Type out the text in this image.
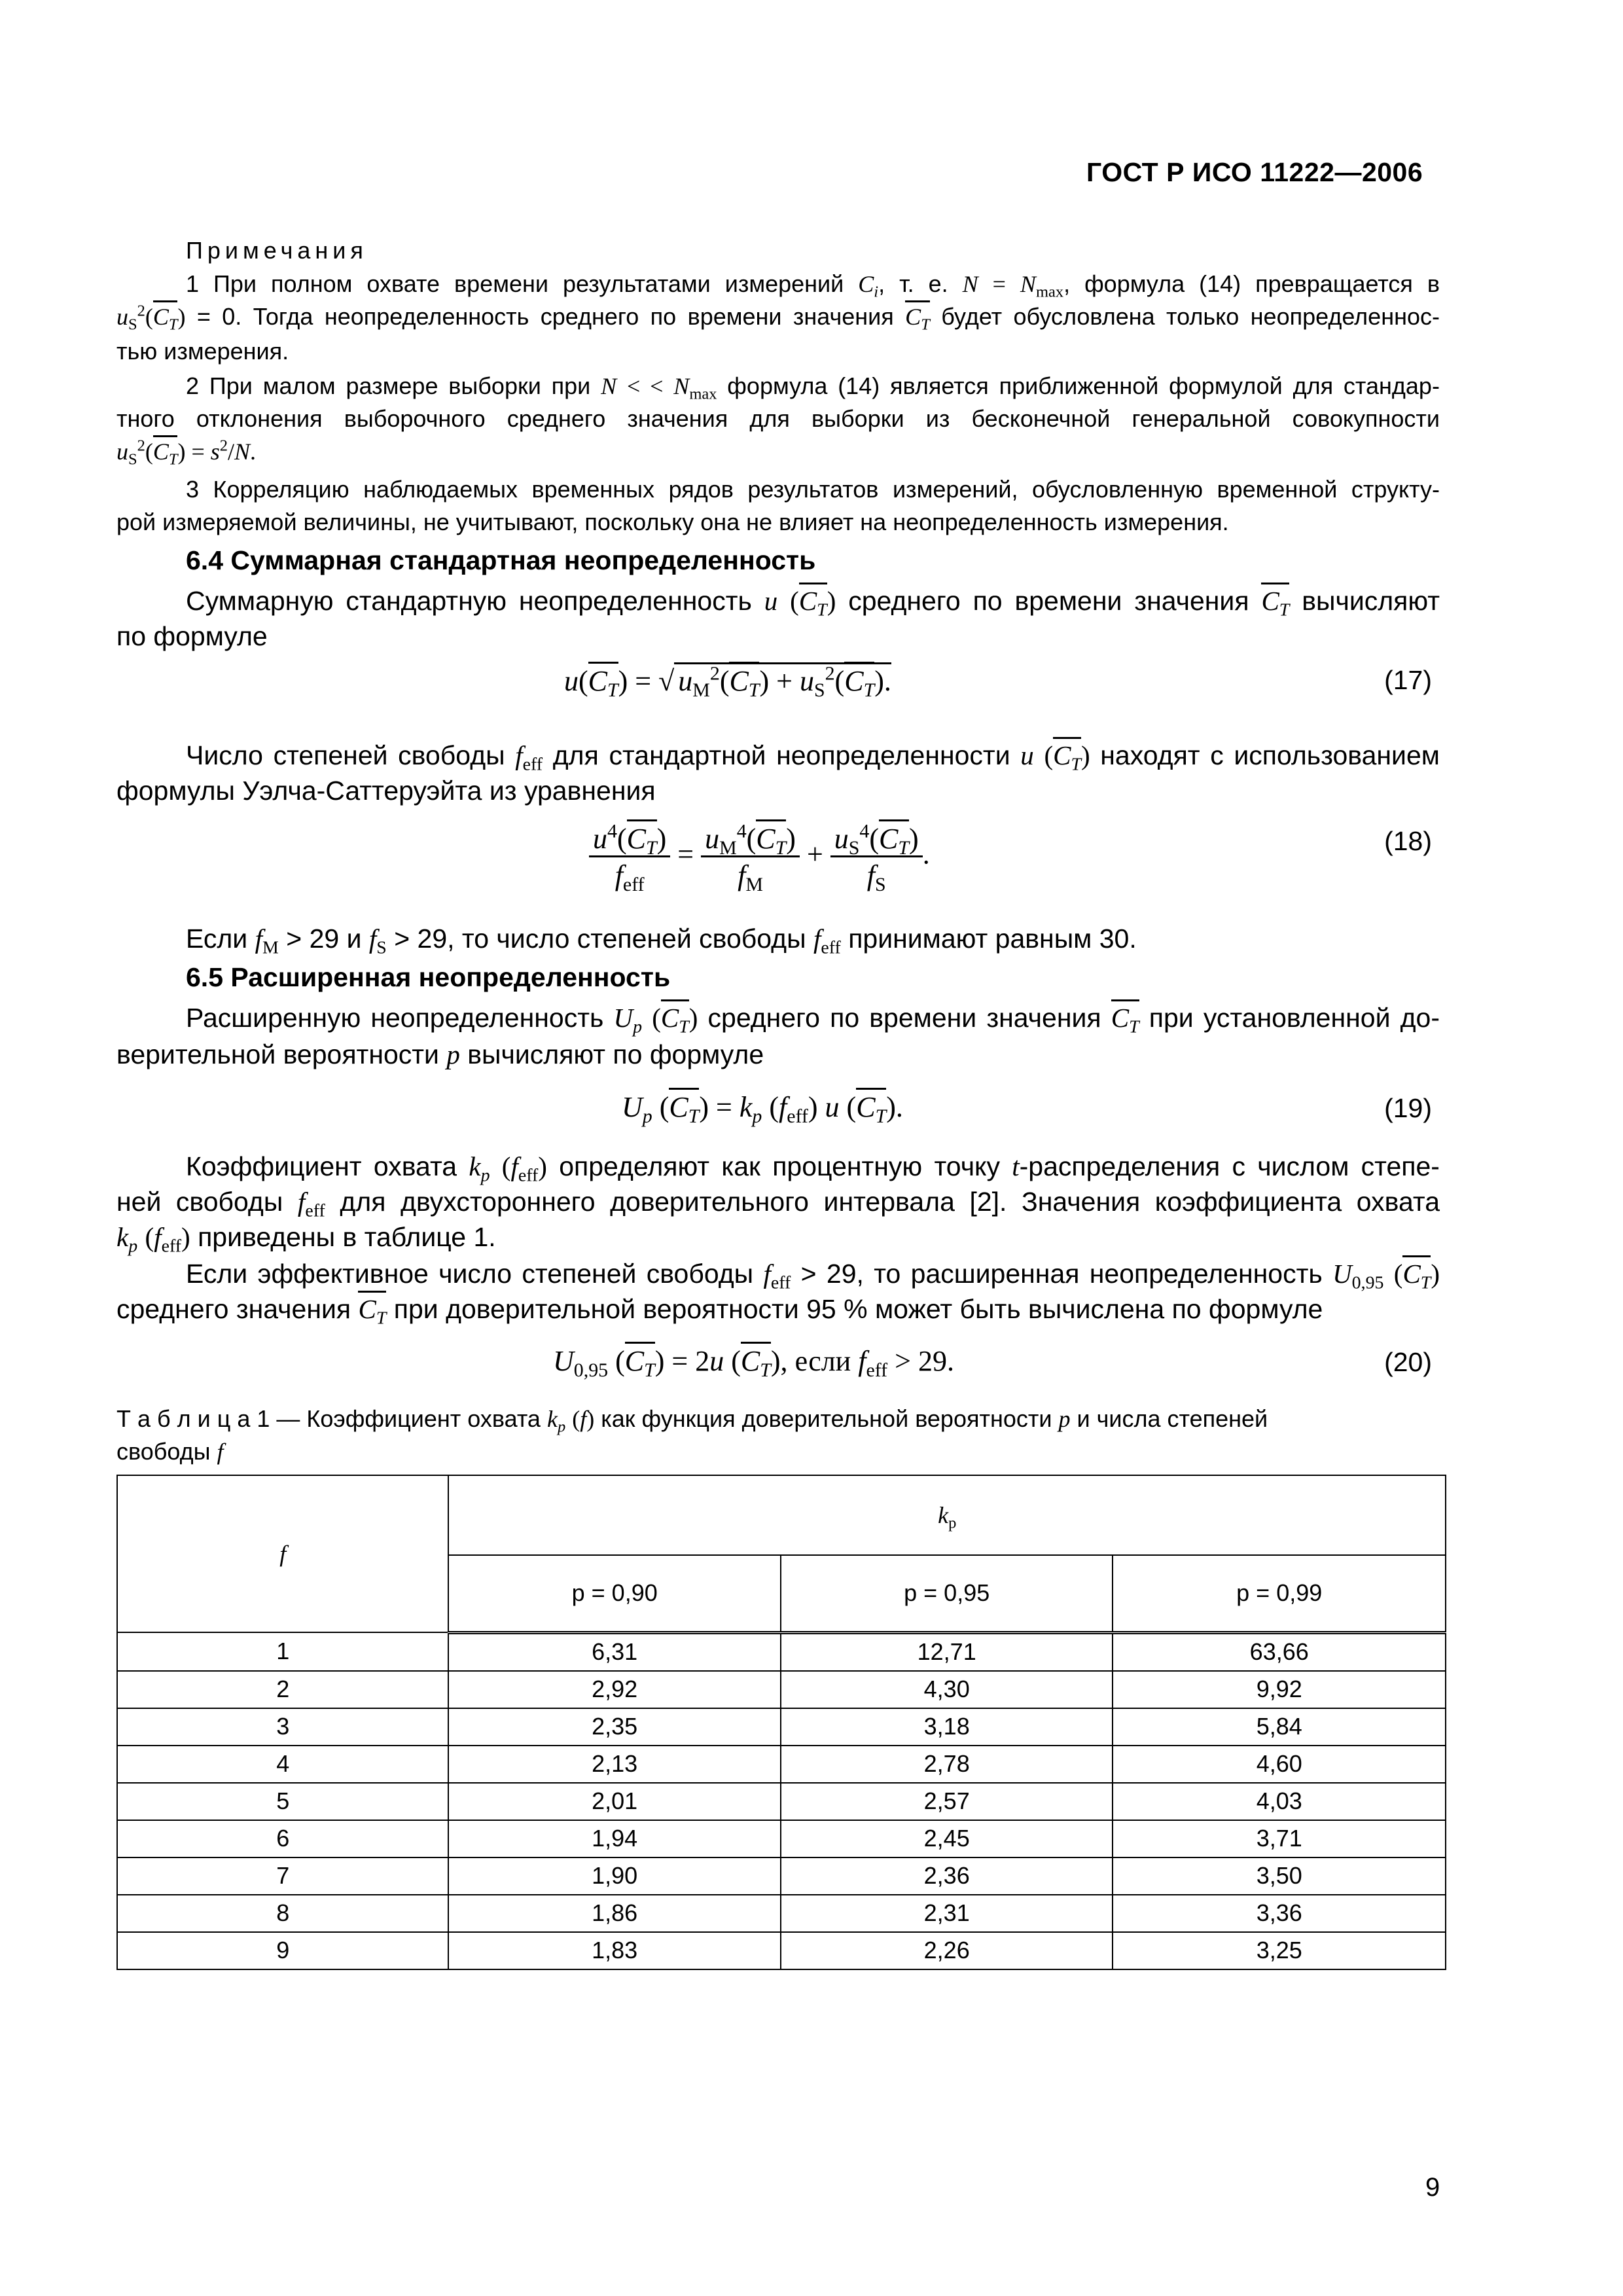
ГОСТ Р ИСО 11222—2006
Примечания
1 При полном охвате времени результатами измерений $C_i$, т. е. $N = N_{max}$, формула (14) превращается в
$u_S^2(C_T) = 0$. Тогда неопределенность среднего по времени значения $C_T$ будет обусловлена только неопределеннос-
тью измерения.
2 При малом размере выборки при N < < $N_{max}$ формула (14) является приближенной формулой для стандар-
тного отклонения выборочного среднего значения для выборки из бесконечной генеральной совокупности
$u_S^2(C_T) = s^2/N$.
3 Корреляцию наблюдаемых временных рядов результатов измерений, обусловленную временной структу-
рой измеряемой величины, не учитывают, поскольку она не влияет на неопределенность измерения.
6.4 Суммарная стандартная неопределенность
Суммарную стандартную неопределенность u $(C_T)$ среднего по времени значения $C_T$ вычисляют
по формуле
$u(C_T)$ = √ $u_M^2(C_T) + u_S^2(C_T)$.	(17)
Число степеней свободы $f_{eff}$ для стандартной неопределенности u $(C_T)$ находят с использованием
формулы Уэлча-Саттеруэйта из уравнения
$\frac{u^4(C_T)}{f_{eff}} = \frac{u_M^4(C_T)}{f_M} + \frac{u_S^4(C_T)}{f_S}$ .	(18)
Если $f_M > 29$ и $f_S > 29$, то число степеней свободы $f_{eff}$ принимают равным 30.
6.5 Расширенная неопределенность
Расширенную неопределенность $U_p$ $(C_T)$ среднего по времени значения $C_T$ при установленной до-
верительной вероятности p вычисляют по формуле
$U_p$ $(C_T) = k_p$ $(f_{eff})$ u $(C_T)$.	(19)
Коэффициент охвата $k_p$ $(f_{eff})$ определяют как процентную точку t-распределения с числом степе-
ней свободы $f_{eff}$ для двухстороннего доверительного интервала [2]. Значения коэффициента охвата
$k_p$ $(f_{eff})$ приведены в таблице 1.
Если эффективное число степеней свободы $f_{eff} > 29$, то расширенная неопределенность $U_{0,95}$ $(C_T)$
среднего значения $C_T$ при доверительной вероятности 95 % может быть вычислена по формуле
$U_{0,95}$ $(C_T) = 2u$ $(C_T)$, если $f_{eff} > 29$.	(20)
Т а б л и ц а 1 — Коэффициент охвата $k_p$ (f) как функция доверительной вероятности p и числа степеней
свободы f
f	$k_p$
	p = 0,90	p = 0,95	p = 0,99
1	6,31	12,71	63,66
2	2,92	4,30	9,92
3	2,35	3,18	5,84
4	2,13	2,78	4,60
5	2,01	2,57	4,03
6	1,94	2,45	3,71
7	1,90	2,36	3,50
8	1,86	2,31	3,36
9	1,83	2,26	3,25
9
